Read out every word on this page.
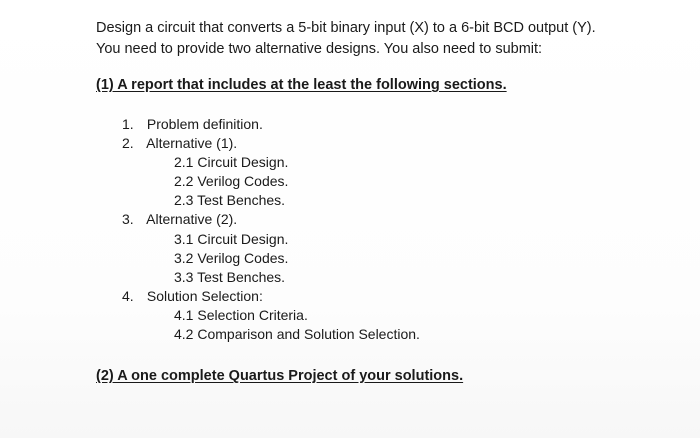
Design a circuit that converts a 5-bit binary input (X) to a 6-bit BCD output (Y).

You need to provide two alternative designs. You also need to submit:

(1) A report that includes at the least the following sections.
1. Problem definition.
2. Alternative (1).
2.1 Circuit Design.
2.2 Verilog Codes.
2.3 Test Benches.
3. Alternative (2).
3.1 Circuit Design.
3.2 Verilog Codes.
3.3 Test Benches.
4. Solution Selection:
4.1 Selection Criteria.
4.2 Comparison and Solution Selection.
(2) A one complete Quartus Project of your solutions.
